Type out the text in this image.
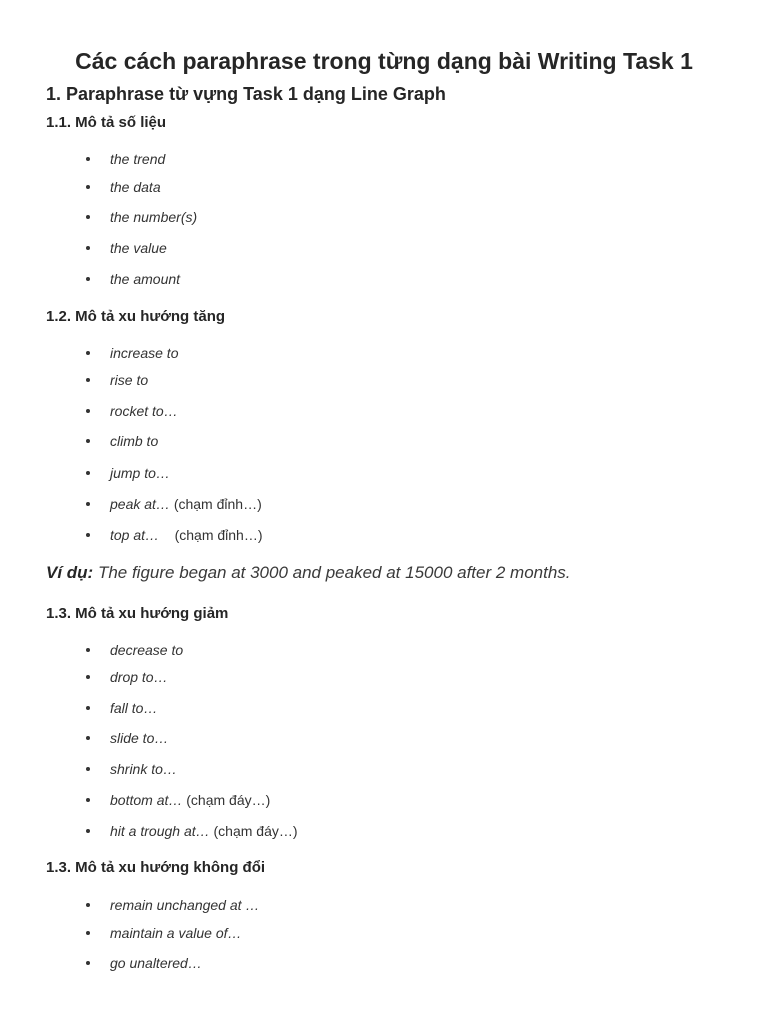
Các cách paraphrase trong từng dạng bài Writing Task 1
1. Paraphrase từ vựng Task 1 dạng Line Graph
1.1. Mô tả số liệu
the trend
the data
the number(s)
the value
the amount
1.2. Mô tả xu hướng tăng
increase to
rise to
rocket to…
climb to
jump to…
peak at… (chạm đỉnh…)
top at…    (chạm đỉnh…)

Ví dụ: The figure began at 3000 and peaked at 15000 after 2 months.

1.3. Mô tả xu hướng giảm
decrease to
drop to…
fall to…
slide to…
shrink to…
bottom at… (chạm đáy…)
hit a trough at… (chạm đáy…)
1.3. Mô tả xu hướng không đổi
remain unchanged at …
maintain a value of…
go unaltered…
